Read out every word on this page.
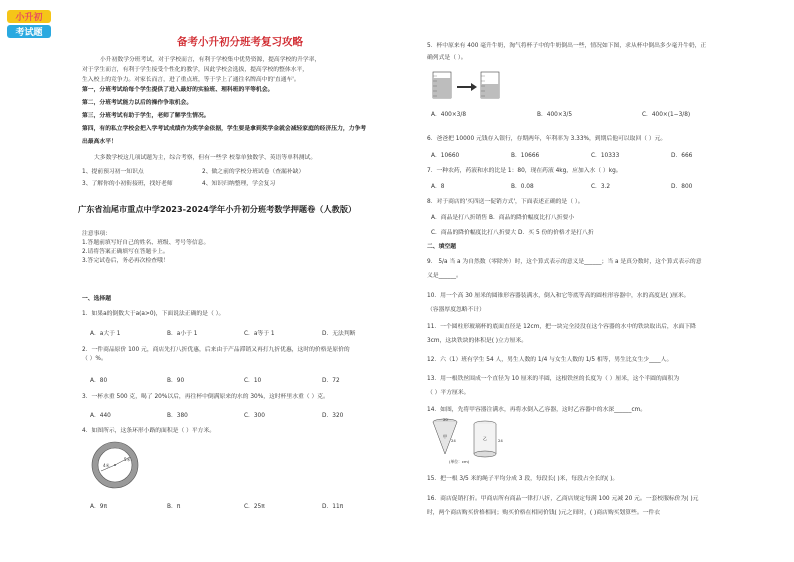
小升初
考试题
备考小升初分班考复习攻略
小升初数学分班考试，对于学校而言，有利于学校集中优势资源，提高学校的升学率，
对于学生而言，有利于学生接受个性化的教学，因此学校会选拔，提高学校的整体水平，
生入校上的竞争力。对家长而言，进了重点班，等于学上了通往名牌高中的'直通车'。
第一，分班考试给每个学生提供了进入最好的实验班、理科班的平等机会。
第二，分班考试能力以后的操作争取机会。
第三，分班考试有助于学生，老师了解学生情况。
第四，有的私立学校会把入学考试成绩作为奖学金依据，学生要是拿到奖学金就会减轻家庭的经济压力，力争考
出最高水平！
大多数学校这几项试题为主，综合考察，但有一些学 校靠单独数学、英语等单科测试。
1、提前预习初一知识点	2、做之前的学校分班试卷（查漏补缺）
3、了解你的小初衔接班，找好老师	4、知识归纳整理，学会复习
广东省汕尾市重点中学2023-2024学年小升初分班考数学押题卷（人教版）
注意事项：
1.答题前填写好自己的姓名、班级、考号等信息。
2.请将答案正确填写在答题卡上。
3.答完试卷后，务必再次检查哦！
一、选择题
1．如果a的倒数大于a(a>0)，下面说法正确的是（ ）。
A．a大于 1	B．a小于 1	C．a等于 1	D．无法判断
2．一件商品原价 100 元，商店先打八折优惠，后来由于产品滞销又再打九折优惠，这时的价格是原价的
（ ）%。
A．80	B．90	C．10	D．72
3．一杯水重 500 克，喝了 20%以后，再往杯中倒满原来的水的 30%，这时杯里水重（ ）克。
A．440	B．380	C．300	D．320
4．如图所示，这条环形小路的面积是（ ）平方米。
5米
4米
A．9π	B．π	C．25π	D．11π
5．杯中原来有 400 毫升牛奶，淘气将杯子中的牛奶倒出一些，情况如下图，求从杯中倒出多少毫升牛奶，正
确列式是（ ）。
A．400×3/8	B．400×3/5	C．400×(1−3/8)
6．爸爸把 10000 元钱存入银行，存期两年，年利率为 3.33%，到期后他可以取回（ ）元。
A．10660	B．10666	C．10333	D．666
7．一种农药，药液和水的比是 1：80，现在药液 4kg，应加入水（ ）kg。
A．8	B．0.08	C．3.2	D．800
8．对于商店的'买四送一促销方式'，下面表述正确的是（ ）。
A．商品是打八折销售 B．商品的降价幅度比打八折要小
C．商品的降价幅度比打八折要大 D．买 5 份的价格才是打八折
二、填空题
9． 5/a 当 a 为自然数（零除外）时，这个算式表示的意义是______；当 a 是真分数时，这个算式表示的意
义是______。
10．用一个高 30 厘米的圆锥形容器装满水，倒入和它等底等高的圆柱形容器中，水的高度是( )厘米。
（容器厚度忽略不计）
11．一个圆柱形玻璃杯的底面直径是 12cm，把一块完全浸没在这个容器的水中的铁块取出后，水面下降
3cm，这块铁块的体积是( )立方厘米。
12．六（1）班有学生 54 人，男生人数的 1/4 与女生人数的 1/5 相等，男生比女生少____人。
13．用一根铁丝围成一个直径为 10 厘米的半圆，这根铁丝的长度为（ ）厘米，这个半圆的面积为
（ ）平方厘米。
14．如图，先将甲容器注满水，再将水倒入乙容器，这时乙容器中的水深______cm。
20
甲
24	乙	24
(单位：cm)
15．把一根 3/5 米的绳子平均分成 3 段，每段长( )米，每段占全长的( )。
16．商店促销打折。甲商店所有商品一律打八折，乙商店规定每满 100 元减 20 元。一套校服标价为( )元
时，两个商店购买价格相同；购买价格在相同价钱( )元之间时，( )商店购买划算些。一件衣
